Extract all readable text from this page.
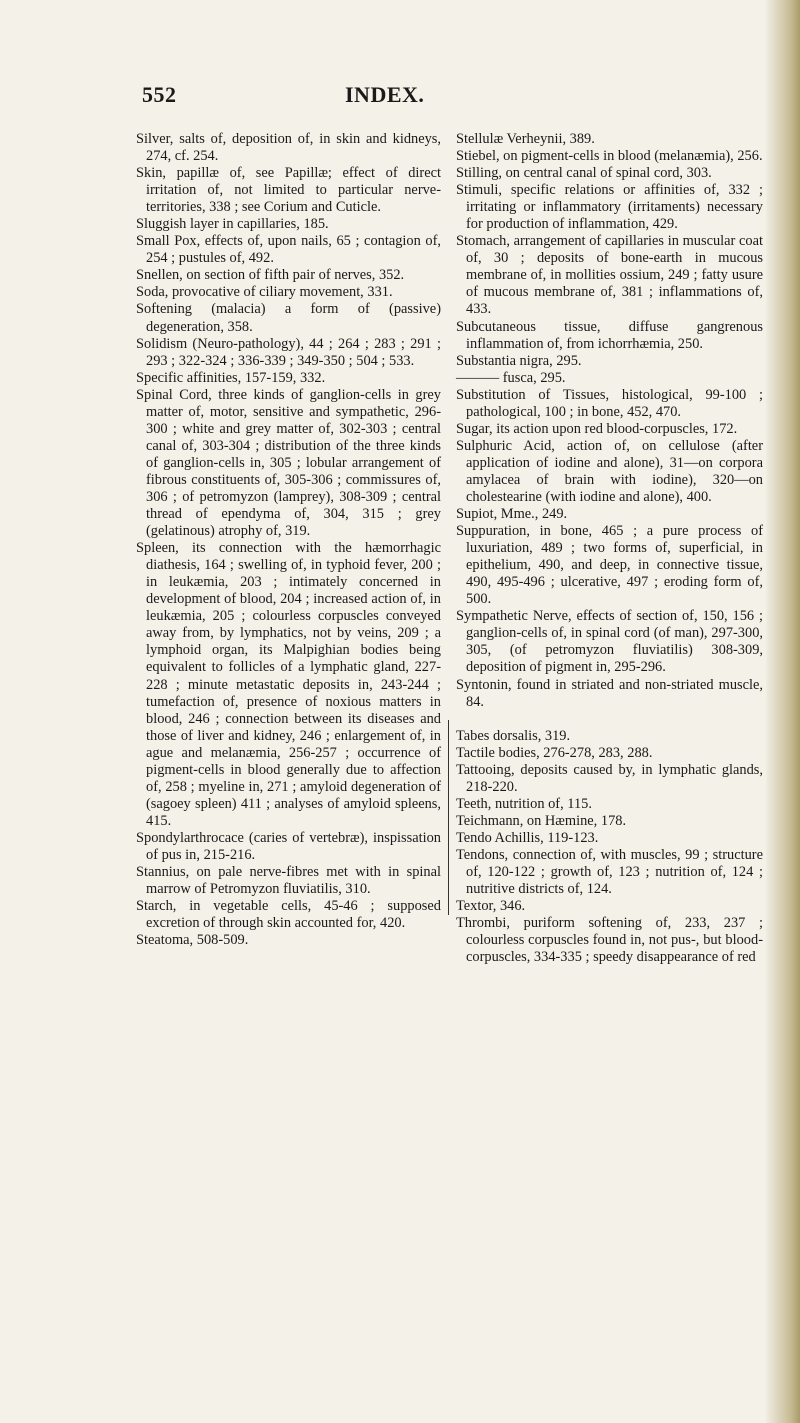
552	INDEX.

Silver, salts of, deposition of, in skin and kidneys, 274, cf. 254.

Skin, papillæ of, see Papillæ; effect of direct irritation of, not limited to particular nerve-territories, 338 ; see Corium and Cuticle.

Sluggish layer in capillaries, 185.

Small Pox, effects of, upon nails, 65 ; contagion of, 254 ; pustules of, 492.

Snellen, on section of fifth pair of nerves, 352.

Soda, provocative of ciliary movement, 331.

Softening (malacia) a form of (passive) degeneration, 358.

Solidism (Neuro-pathology), 44 ; 264 ; 283 ; 291 ; 293 ; 322-324 ; 336-339 ; 349-350 ; 504 ; 533.

Specific affinities, 157-159, 332.

Spinal Cord, three kinds of ganglion-cells in grey matter of, motor, sensitive and sympathetic, 296-300 ; white and grey matter of, 302-303 ; central canal of, 303-304 ; distribution of the three kinds of ganglion-cells in, 305 ; lobular arrangement of fibrous constituents of, 305-306 ; commissures of, 306 ; of petromyzon (lamprey), 308-309 ; central thread of ependyma of, 304, 315 ; grey (gelatinous) atrophy of, 319.

Spleen, its connection with the hæmorrhagic diathesis, 164 ; swelling of, in typhoid fever, 200 ; in leukæmia, 203 ; intimately concerned in development of blood, 204 ; increased action of, in leukæmia, 205 ; colourless corpuscles conveyed away from, by lymphatics, not by veins, 209 ; a lymphoid organ, its Malpighian bodies being equivalent to follicles of a lymphatic gland, 227-228 ; minute metastatic deposits in, 243-244 ; tumefaction of, presence of noxious matters in blood, 246 ; connection between its diseases and those of liver and kidney, 246 ; enlargement of, in ague and melanæmia, 256-257 ; occurrence of pigment-cells in blood generally due to affection of, 258 ; myeline in, 271 ; amyloid degeneration of (sagoey spleen) 411 ; analyses of amyloid spleens, 415.

Spondylarthrocace (caries of vertebræ), inspissation of pus in, 215-216.

Stannius, on pale nerve-fibres met with in spinal marrow of Petromyzon fluviatilis, 310.

Starch, in vegetable cells, 45-46 ; supposed excretion of through skin accounted for, 420.

Steatoma, 508-509.

Stellulæ Verheynii, 389.

Stiebel, on pigment-cells in blood (melanæmia), 256.

Stilling, on central canal of spinal cord, 303.

Stimuli, specific relations or affinities of, 332 ; irritating or inflammatory (irritaments) necessary for production of inflammation, 429.

Stomach, arrangement of capillaries in muscular coat of, 30 ; deposits of bone-earth in mucous membrane of, in mollities ossium, 249 ; fatty usure of mucous membrane of, 381 ; inflammations of, 433.

Subcutaneous tissue, diffuse gangrenous inflammation of, from ichorrhæmia, 250.

Substantia nigra, 295.

——— fusca, 295.

Substitution of Tissues, histological, 99-100 ; pathological, 100 ; in bone, 452, 470.

Sugar, its action upon red blood-corpuscles, 172.

Sulphuric Acid, action of, on cellulose (after application of iodine and alone), 31—on corpora amylacea of brain with iodine), 320—on cholestearine (with iodine and alone), 400.

Supiot, Mme., 249.

Suppuration, in bone, 465 ; a pure process of luxuriation, 489 ; two forms of, superficial, in epithelium, 490, and deep, in connective tissue, 490, 495-496 ; ulcerative, 497 ; eroding form of, 500.

Sympathetic Nerve, effects of section of, 150, 156 ; ganglion-cells of, in spinal cord (of man), 297-300, 305, (of petromyzon fluviatilis) 308-309, deposition of pigment in, 295-296.

Syntonin, found in striated and non-striated muscle, 84.

Tabes dorsalis, 319.

Tactile bodies, 276-278, 283, 288.

Tattooing, deposits caused by, in lymphatic glands, 218-220.

Teeth, nutrition of, 115.

Teichmann, on Hæmine, 178.

Tendo Achillis, 119-123.

Tendons, connection of, with muscles, 99 ; structure of, 120-122 ; growth of, 123 ; nutrition of, 124 ; nutritive districts of, 124.

Textor, 346.

Thrombi, puriform softening of, 233, 237 ; colourless corpuscles found in, not pus-, but blood-corpuscles, 334-335 ; speedy disappearance of red
